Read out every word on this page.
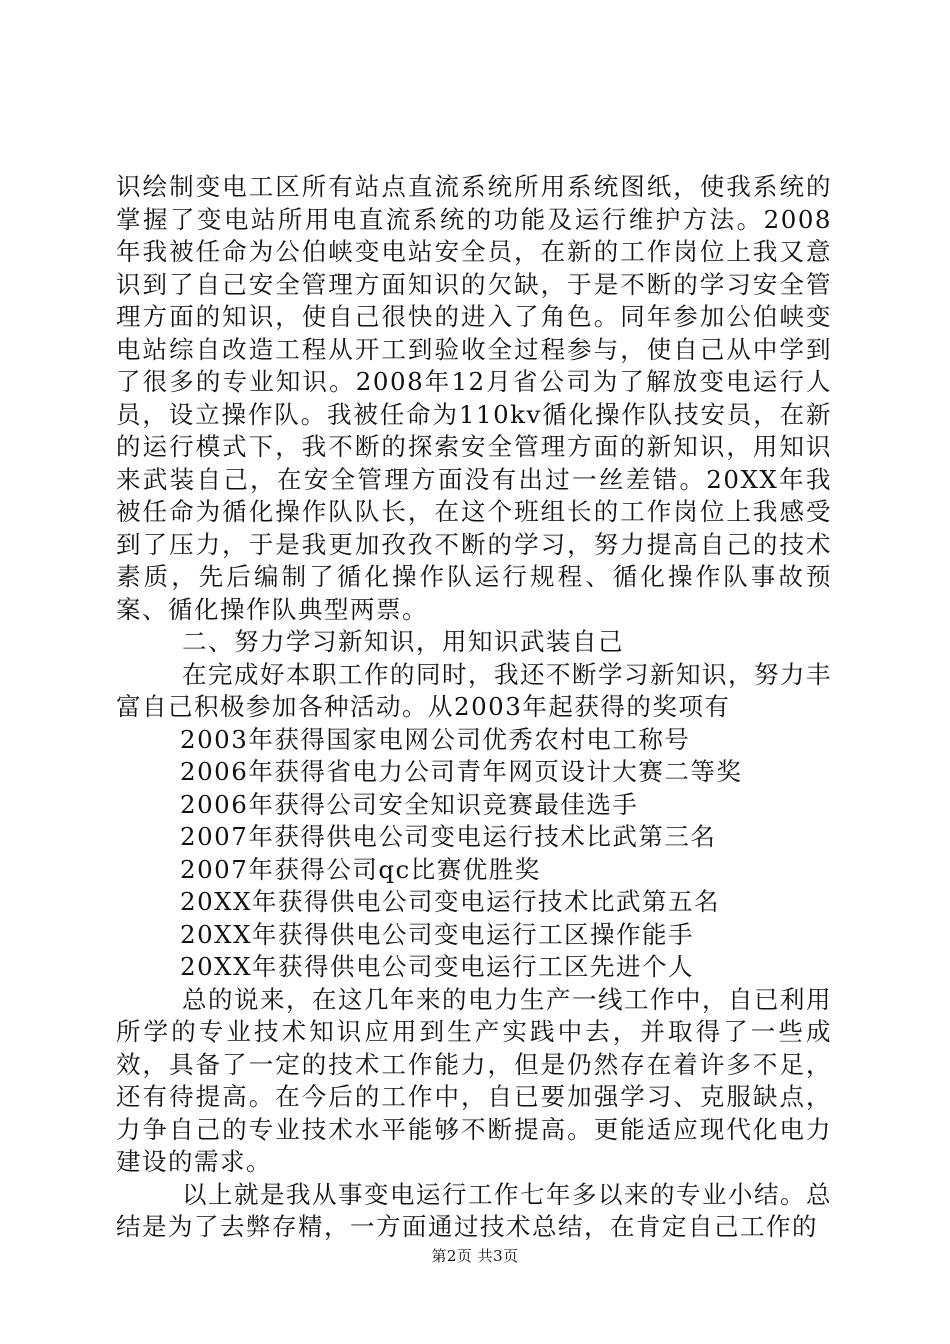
识绘制变电工区所有站点直流系统所用系统图纸，使我系统的掌握了变电站所用电直流系统的功能及运行维护方法。2008年我被任命为公伯峡变电站安全员，在新的工作岗位上我又意识到了自己安全管理方面知识的欠缺，于是不断的学习安全管理方面的知识，使自己很快的进入了角色。同年参加公伯峡变电站综自改造工程从开工到验收全过程参与，使自己从中学到了很多的专业知识。2008年12月省公司为了解放变电运行人员，设立操作队。我被任命为110kv循化操作队技安员，在新的运行模式下，我不断的探索安全管理方面的新知识，用知识来武装自己，在安全管理方面没有出过一丝差错。20XX年我被任命为循化操作队队长，在这个班组长的工作岗位上我感受到了压力，于是我更加孜孜不断的学习，努力提高自己的技术素质，先后编制了循化操作队运行规程、循化操作队事故预案、循化操作队典型两票。

二、努力学习新知识，用知识武装自己

在完成好本职工作的同时，我还不断学习新知识，努力丰富自己积极参加各种活动。从2003年起获得的奖项有

2003年获得国家电网公司优秀农村电工称号

2006年获得省电力公司青年网页设计大赛二等奖

2006年获得公司安全知识竞赛最佳选手

2007年获得供电公司变电运行技术比武第三名

2007年获得公司qc比赛优胜奖

20XX年获得供电公司变电运行技术比武第五名

20XX年获得供电公司变电运行工区操作能手

20XX年获得供电公司变电运行工区先进个人

总的说来，在这几年来的电力生产一线工作中，自已利用所学的专业技术知识应用到生产实践中去，并取得了一些成效，具备了一定的技术工作能力，但是仍然存在着许多不足，还有待提高。在今后的工作中，自已要加强学习、克服缺点，力争自己的专业技术水平能够不断提高。更能适应现代化电力建设的需求。

以上就是我从事变电运行工作七年多以来的专业小结。总结是为了去弊存精，一方面通过技术总结，在肯定自己工作的

第2页 共3页
